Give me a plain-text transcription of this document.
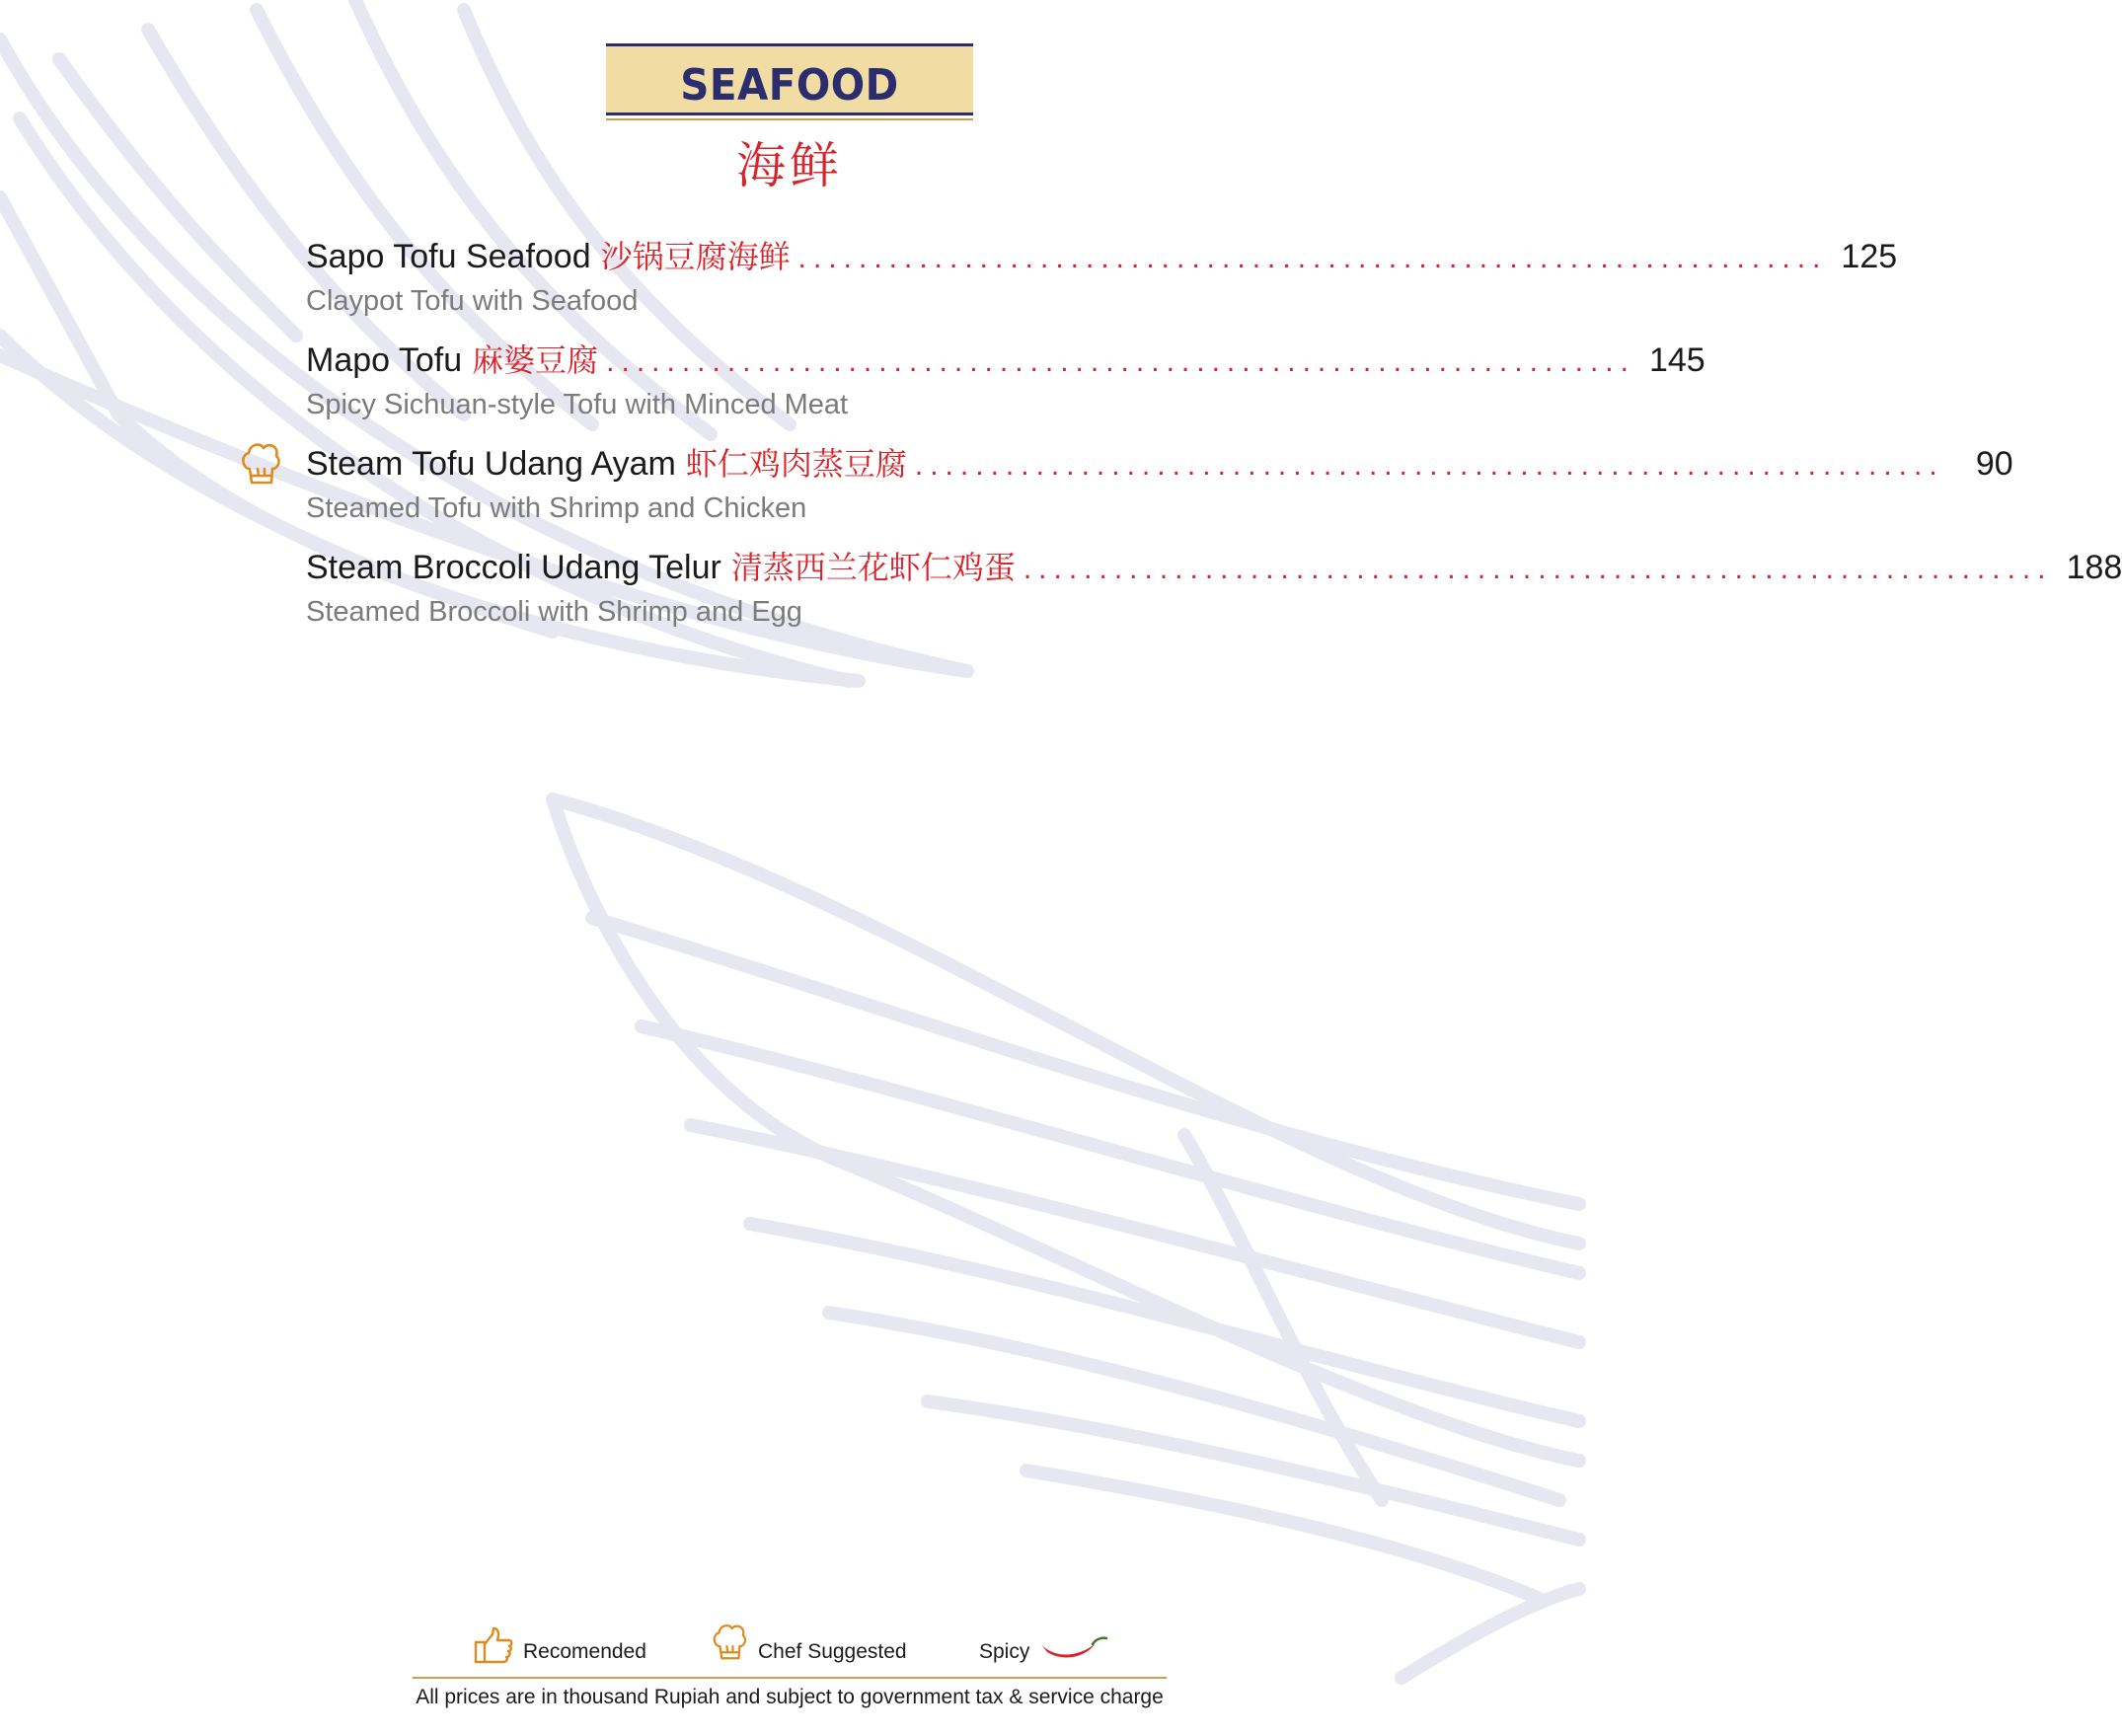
SEAFOOD
海鲜
Sapo Tofu Seafood 沙锅豆腐海鲜 .................................................................... 125
Claypot Tofu with Seafood
Mapo Tofu 麻婆豆腐 .................................................................... 145
Spicy Sichuan-style Tofu with Minced Meat
Steam Tofu Udang Ayam 虾仁鸡肉蒸豆腐 .................................................................... 90
Steamed Tofu with Shrimp and Chicken
Steam Broccoli Udang Telur 清蒸西兰花虾仁鸡蛋 .................................................................... 188
Steamed Broccoli with Shrimp and Egg
Recomended	Chef Suggested	Spicy
All prices are in thousand Rupiah and subject to government tax & service charge
